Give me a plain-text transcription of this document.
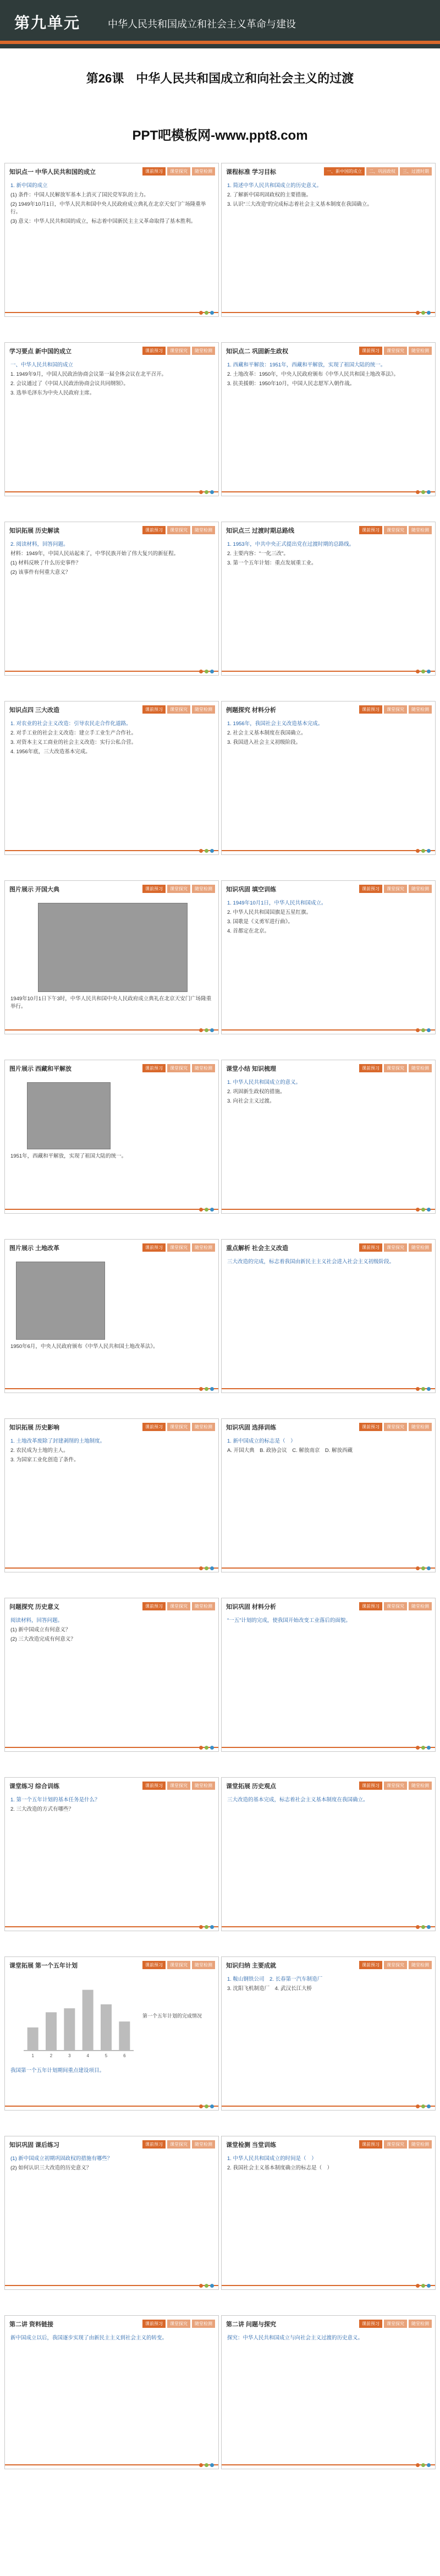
第九单元	中华人民共和国成立和社会主义革命与建设
第26课　中华人民共和国成立和向社会主义的过渡
PPT吧模板网-www.ppt8.com
知识点一 中华人民共和国的成立	课前预习	课堂探究	随堂检测

1. 新中国的成立

(1) 条件：中国人民解放军基本上消灭了国民党军队的主力。

(2) 1949年10月1日，中华人民共和国中央人民政府成立典礼在北京天安门广场隆重举行。

(3) 意义：中华人民共和国的成立，标志着中国新民主主义革命取得了基本胜利。

课程标准 学习目标	一、新中国的成立	二、巩固政权	三、过渡时期

1. 简述中华人民共和国成立的历史意义。

2. 了解新中国巩固政权的主要措施。

3. 认识“三大改造”的完成标志着社会主义基本制度在我国确立。

学习要点 新中国的成立	课前预习	课堂探究	随堂检测

一、中华人民共和国的成立

1. 1949年9月，中国人民政治协商会议第一届全体会议在北平召开。

2. 会议通过了《中国人民政治协商会议共同纲领》。

3. 选举毛泽东为中央人民政府主席。

知识点二 巩固新生政权	课前预习	课堂探究	随堂检测

1. 西藏和平解放：1951年，西藏和平解放，实现了祖国大陆的统一。

2. 土地改革：1950年，中央人民政府颁布《中华人民共和国土地改革法》。

3. 抗美援朝：1950年10月，中国人民志愿军入朝作战。

知识拓展 历史解读	课前预习	课堂探究	随堂检测

2. 阅读材料，回答问题。

材料：1949年，中国人民站起来了，中华民族开始了伟大复兴的新征程。

(1) 材料反映了什么历史事件？

(2) 该事件有何重大意义？

知识点三 过渡时期总路线	课前预习	课堂探究	随堂检测

1. 1953年，中共中央正式提出党在过渡时期的总路线。

2. 主要内容：“一化三改”。

3. 第一个五年计划：重点发展重工业。

知识点四 三大改造	课前预习	课堂探究	随堂检测

1. 对农业的社会主义改造：引导农民走合作化道路。

2. 对手工业的社会主义改造：建立手工业生产合作社。

3. 对资本主义工商业的社会主义改造：实行公私合营。

4. 1956年底，三大改造基本完成。

例题探究 材料分析	课前预习	课堂探究	随堂检测

1. 1956年，我国社会主义改造基本完成。

2. 社会主义基本制度在我国确立。

3. 我国进入社会主义初级阶段。

图片展示 开国大典	课前预习	课堂探究	随堂检测

1949年10月1日下午3时，中华人民共和国中央人民政府成立典礼在北京天安门广场隆重举行。

知识巩固 填空训练	课前预习	课堂探究	随堂检测

1. 1949年10月1日，中华人民共和国成立。

2. 中华人民共和国国旗是五星红旗。

3. 国歌是《义勇军进行曲》。

4. 首都定在北京。

图片展示 西藏和平解放	课前预习	课堂探究	随堂检测

1951年，西藏和平解放，实现了祖国大陆的统一。

课堂小结 知识梳理	课前预习	课堂探究	随堂检测

1. 中华人民共和国成立的意义。

2. 巩固新生政权的措施。

3. 向社会主义过渡。

图片展示 土地改革	课前预习	课堂探究	随堂检测

1950年6月，中央人民政府颁布《中华人民共和国土地改革法》。

重点解析 社会主义改造	课前预习	课堂探究	随堂检测

三大改造的完成，标志着我国由新民主主义社会进入社会主义初级阶段。

知识拓展 历史影响	课前预习	课堂探究	随堂检测

1. 土地改革废除了封建剥削的土地制度。

2. 农民成为土地的主人。

3. 为国家工业化创造了条件。

知识巩固 选择训练	课前预习	课堂探究	随堂检测

1. 新中国成立的标志是（　）

A. 开国大典　B. 政协会议　C. 解放南京　D. 解放西藏

问题探究 历史意义	课前预习	课堂探究	随堂检测

阅读材料，回答问题。

(1) 新中国成立有何意义？

(2) 三大改造完成有何意义？

知识巩固 材料分析	课前预习	课堂探究	随堂检测

“一五”计划的完成，使我国开始改变工业落后的面貌。

课堂练习 综合训练	课前预习	课堂探究	随堂检测

1. 第一个五年计划的基本任务是什么？

2. 三大改造的方式有哪些？

课堂拓展 历史观点	课前预习	课堂探究	随堂检测

三大改造的基本完成，标志着社会主义基本制度在我国确立。

课堂拓展 第一个五年计划	课前预习	课堂探究	随堂检测

我国第一个五年计划期间重点建设项目。

1	2	3	4	5	6
第一个五年计划的完成情况
知识归纳 主要成就	课前预习	课堂探究	随堂检测

1. 鞍山钢铁公司　2. 长春第一汽车制造厂

3. 沈阳飞机制造厂　4. 武汉长江大桥

知识巩固 课后练习	课前预习	课堂探究	随堂检测

(1) 新中国成立初期巩固政权的措施有哪些？

(2) 如何认识三大改造的历史意义？

课堂检测 当堂训练	课前预习	课堂探究	随堂检测

1. 中华人民共和国成立的时间是（　）

2. 我国社会主义基本制度确立的标志是（　）

第二讲 资料链接	课前预习	课堂探究	随堂检测

新中国成立以后，我国逐步实现了由新民主主义到社会主义的转变。

第二讲 问题与探究	课前预习	课堂探究	随堂检测

探究：中华人民共和国成立与向社会主义过渡的历史意义。
